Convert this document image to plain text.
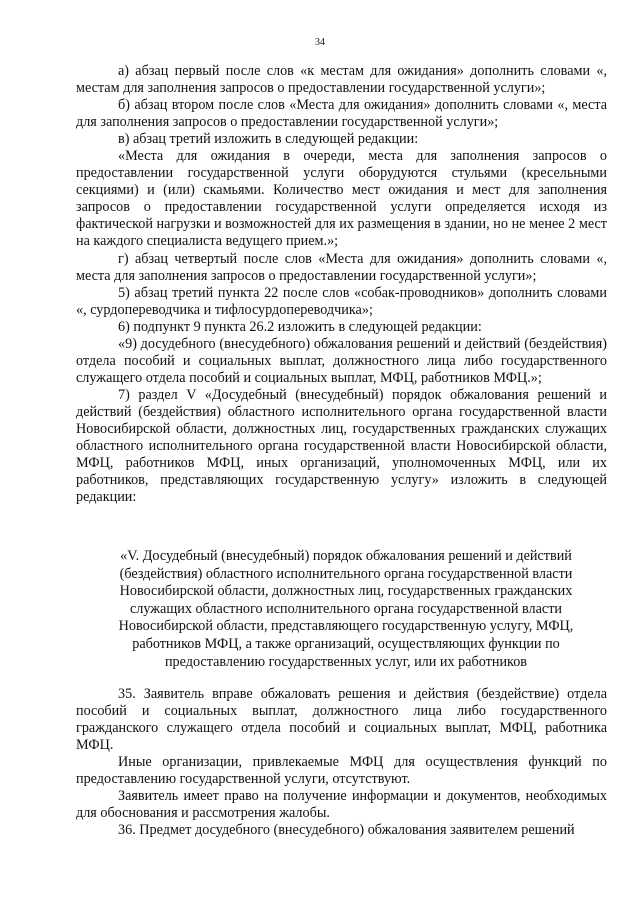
34

а) абзац первый после слов «к местам для ожидания» дополнить словами «, местам для заполнения запросов о предоставлении государственной услуги»;

б) абзац втором после слов «Места для ожидания» дополнить словами «, места для заполнения запросов о предоставлении государственной услуги»;

в) абзац третий изложить в следующей редакции:

«Места для ожидания в очереди, места для заполнения запросов о предоставлении государственной услуги оборудуются стульями (кресельными секциями) и (или) скамьями. Количество мест ожидания и мест для заполнения запросов о предоставлении государственной услуги определяется исходя из фактической нагрузки и возможностей для их размещения в здании, но не менее 2 мест на каждого специалиста ведущего прием.»;

г) абзац четвертый после слов «Места для ожидания» дополнить словами «, места для заполнения запросов о предоставлении государственной услуги»;

5) абзац третий пункта 22 после слов «собак-проводников» дополнить словами «, сурдопереводчика и тифлосурдопереводчика»;

6) подпункт 9 пункта 26.2 изложить в следующей редакции:

«9) досудебного (внесудебного) обжалования решений и действий (бездействия) отдела пособий и социальных выплат, должностного лица либо государственного служащего отдела пособий и социальных выплат, МФЦ, работников МФЦ.»;

7) раздел V «Досудебный (внесудебный) порядок обжалования решений и действий (бездействия) областного исполнительного органа государственной власти Новосибирской области, должностных лиц, государственных гражданских служащих областного исполнительного органа государственной власти Новосибирской области, МФЦ, работников МФЦ, иных организаций, уполномоченных МФЦ, или их работников, представляющих государственную услугу» изложить в следующей редакции:

«V. Досудебный (внесудебный) порядок обжалования решений и действий
(бездействия) областного исполнительного органа государственной власти
Новосибирской области, должностных лиц, государственных гражданских
служащих областного исполнительного органа государственной власти
Новосибирской области, представляющего государственную услугу, МФЦ,
работников МФЦ, а также организаций, осуществляющих функции по
предоставлению государственных услуг, или их работников

35. Заявитель вправе обжаловать решения и действия (бездействие) отдела пособий и социальных выплат, должностного лица либо государственного гражданского служащего отдела пособий и социальных выплат, МФЦ, работника МФЦ.

Иные организации, привлекаемые МФЦ для осуществления функций по предоставлению государственной услуги, отсутствуют.

Заявитель имеет право на получение информации и документов, необходимых для обоснования и рассмотрения жалобы.

36. Предмет досудебного (внесудебного) обжалования заявителем решений
